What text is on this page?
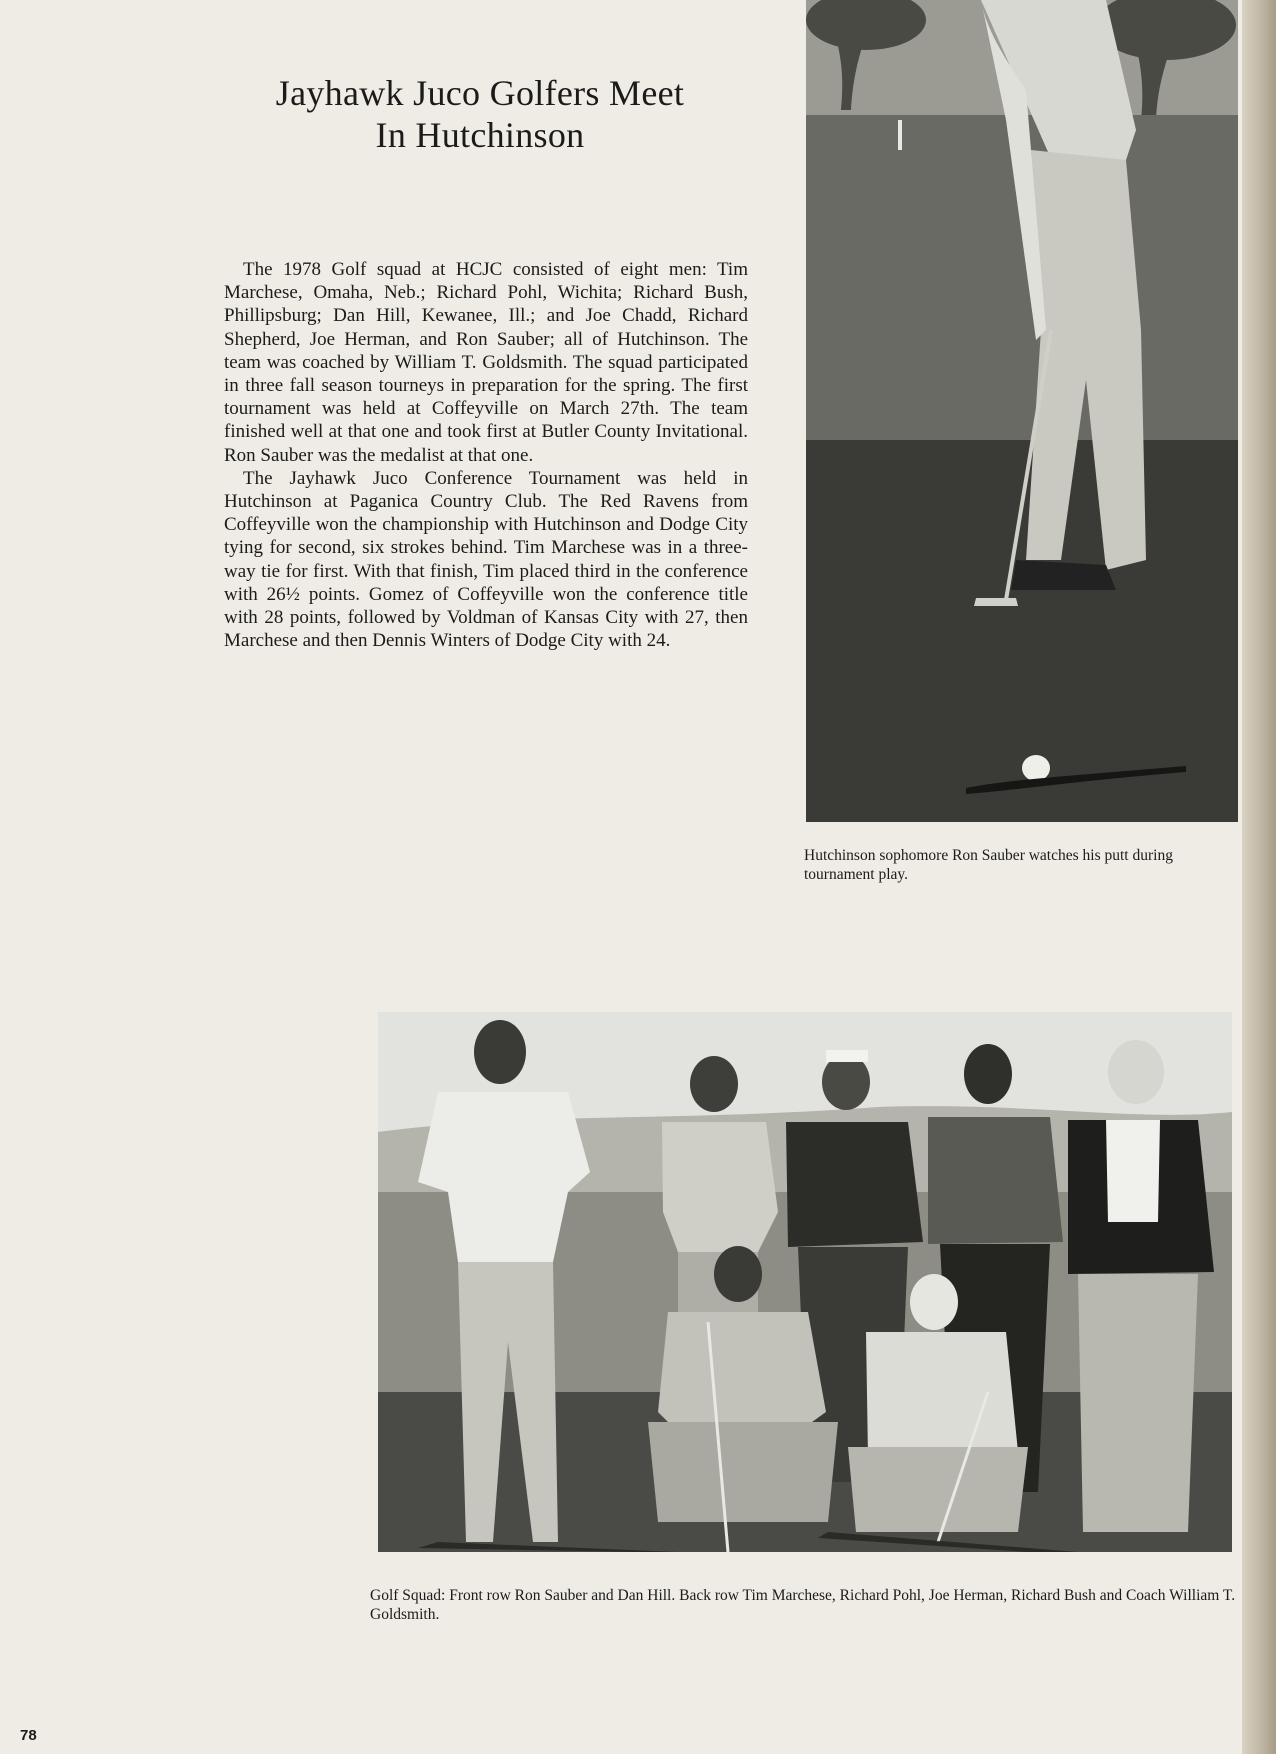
Jayhawk Juco Golfers Meet
In Hutchinson

The 1978 Golf squad at HCJC consisted of eight men: Tim Marchese, Omaha, Neb.; Richard Pohl, Wichita; Richard Bush, Phillipsburg; Dan Hill, Kewanee, Ill.; and Joe Chadd, Richard Shepherd, Joe Herman, and Ron Sauber; all of Hutchinson. The team was coached by William T. Goldsmith. The squad participated in three fall season tourneys in preparation for the spring. The first tournament was held at Coffeyville on March 27th. The team finished well at that one and took first at Butler County Invitational. Ron Sauber was the medalist at that one.

The Jayhawk Juco Conference Tournament was held in Hutchinson at Paganica Country Club. The Red Ravens from Coffeyville won the championship with Hutchinson and Dodge City tying for second, six strokes behind. Tim Marchese was in a three-way tie for first. With that finish, Tim placed third in the conference with 26½ points. Gomez of Coffeyville won the conference title with 28 points, followed by Voldman of Kansas City with 27, then Marchese and then Dennis Winters of Dodge City with 24.

Hutchinson sophomore Ron Sauber watches his putt during tournament play.
Golf Squad: Front row Ron Sauber and Dan Hill. Back row Tim Marchese, Richard Pohl, Joe Herman, Richard Bush and Coach William T. Goldsmith.
78
